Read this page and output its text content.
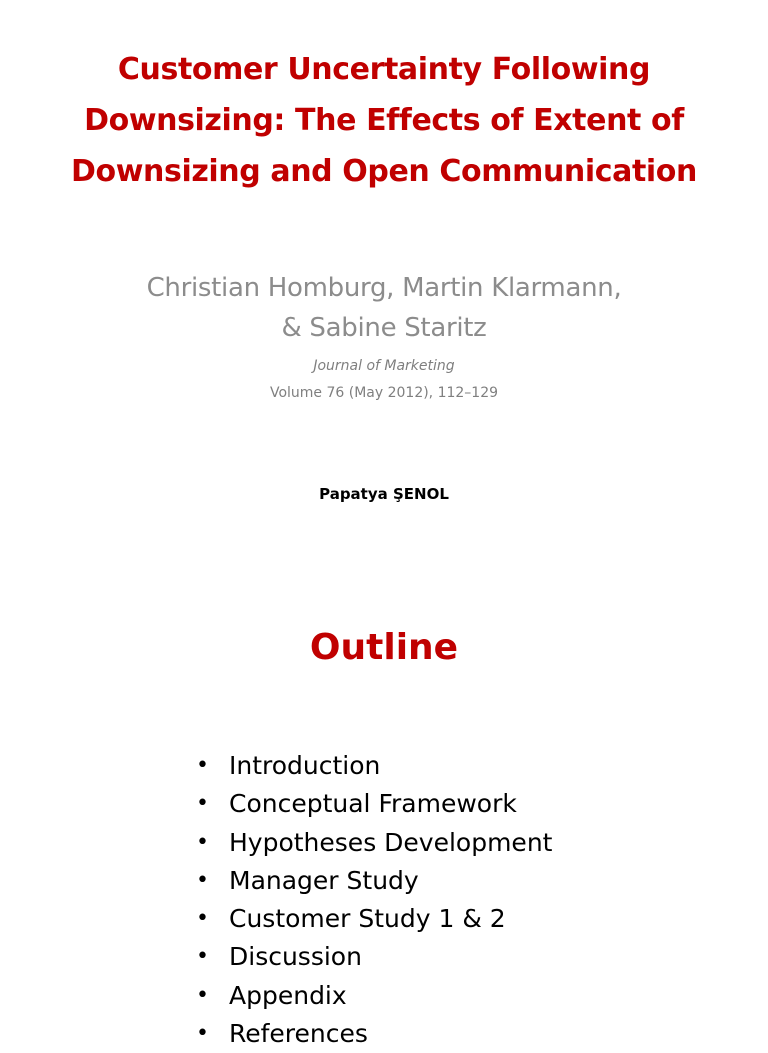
Customer Uncertainty Following Downsizing: The Effects of Extent of Downsizing and Open Communication
Christian Homburg, Martin Klarmann,
& Sabine Staritz
Journal of Marketing
Volume 76 (May 2012), 112–129
Papatya ŞENOL
Outline
• Introduction
• Conceptual Framework
• Hypotheses Development
• Manager Study
• Customer Study 1 & 2
• Discussion
• Appendix
• References
